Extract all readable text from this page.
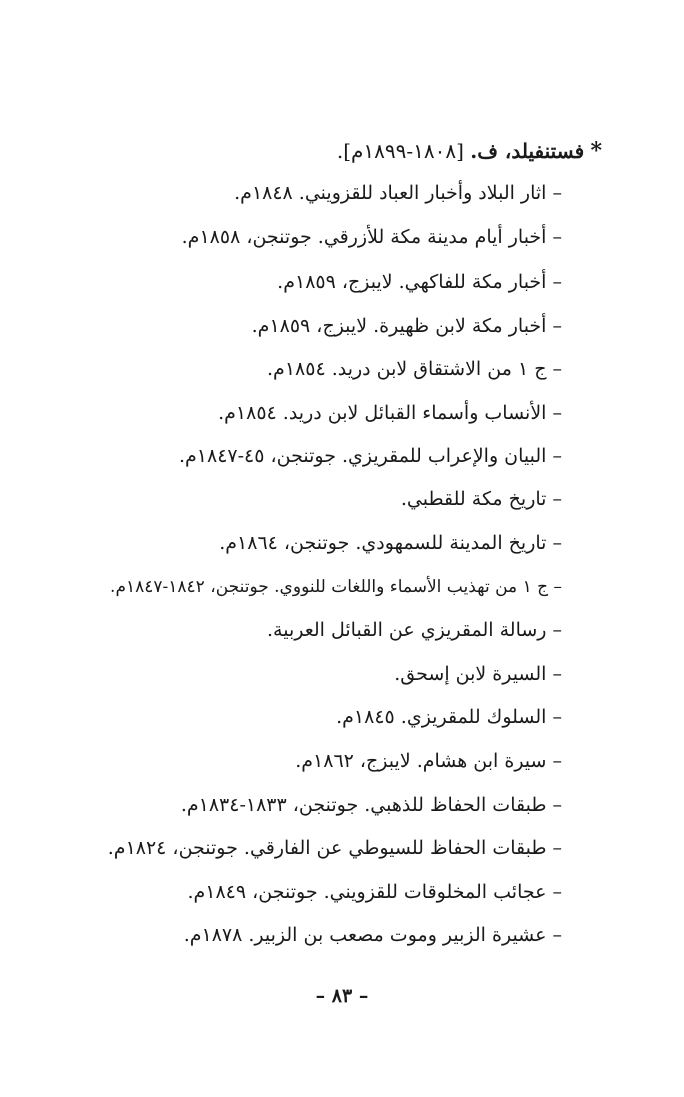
* فستنفيلد، ف. [١٨٠٨-١٨٩٩م].
– اثار البلاد وأخبار العباد للقزويني. ١٨٤٨م.
– أخبار أيام مدينة مكة للأزرقي. جوتنجن، ١٨٥٨م.
– أخبار مكة للفاكهي. لايبزج، ١٨٥٩م.
– أخبار مكة لابن ظهيرة. لايبزج، ١٨٥٩م.
– ج ١ من الاشتقاق لابن دريد. ١٨٥٤م.
– الأنساب وأسماء القبائل لابن دريد. ١٨٥٤م.
– البيان والإعراب للمقريزي. جوتنجن، ٤٥-١٨٤٧م.
– تاريخ مكة للقطبي.
– تاريخ المدينة للسمهودي. جوتنجن، ١٨٦٤م.
– ج ١ من تهذيب الأسماء واللغات للنووي. جوتنجن، ١٨٤٢-١٨٤٧م.
– رسالة المقريزي عن القبائل العربية.
– السيرة لابن إسحق.
– السلوك للمقريزي. ١٨٤٥م.
– سيرة ابن هشام. لايبزج، ١٨٦٢م.
– طبقات الحفاظ للذهبي. جوتنجن، ١٨٣٣-١٨٣٤م.
– طبقات الحفاظ للسيوطي عن الفارقي. جوتنجن، ١٨٢٤م.
– عجائب المخلوقات للقزويني. جوتنجن، ١٨٤٩م.
– عشيرة الزبير وموت مصعب بن الزبير. ١٨٧٨م.
– ٨٣ –
